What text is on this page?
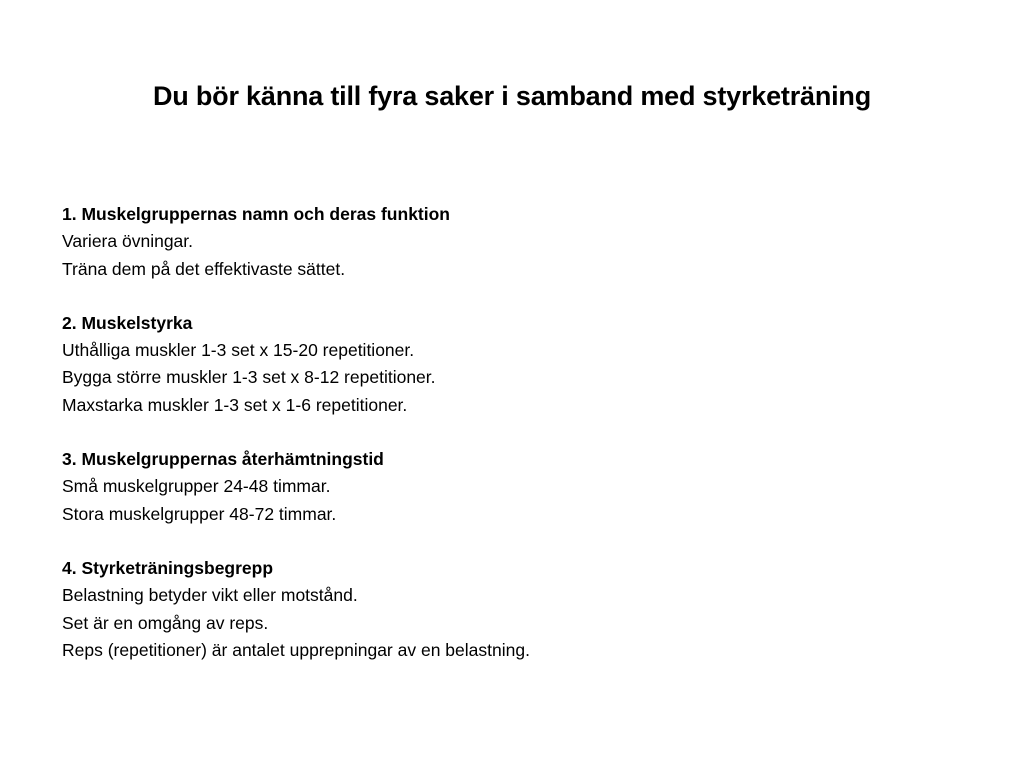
Du bör känna till fyra saker i samband med styrketräning

1. Muskelgruppernas namn och deras funktion

Variera övningar.

Träna dem på det effektivaste sättet.

2. Muskelstyrka

Uthålliga muskler 1-3 set x 15-20 repetitioner.

Bygga större muskler 1-3 set x 8-12 repetitioner.

Maxstarka muskler 1-3 set x 1-6 repetitioner.

3. Muskelgruppernas återhämtningstid

Små muskelgrupper 24-48 timmar.

Stora muskelgrupper 48-72 timmar.

4. Styrketräningsbegrepp

Belastning betyder vikt eller motstånd.

Set är en omgång av reps.

Reps (repetitioner) är antalet upprepningar av en belastning.
